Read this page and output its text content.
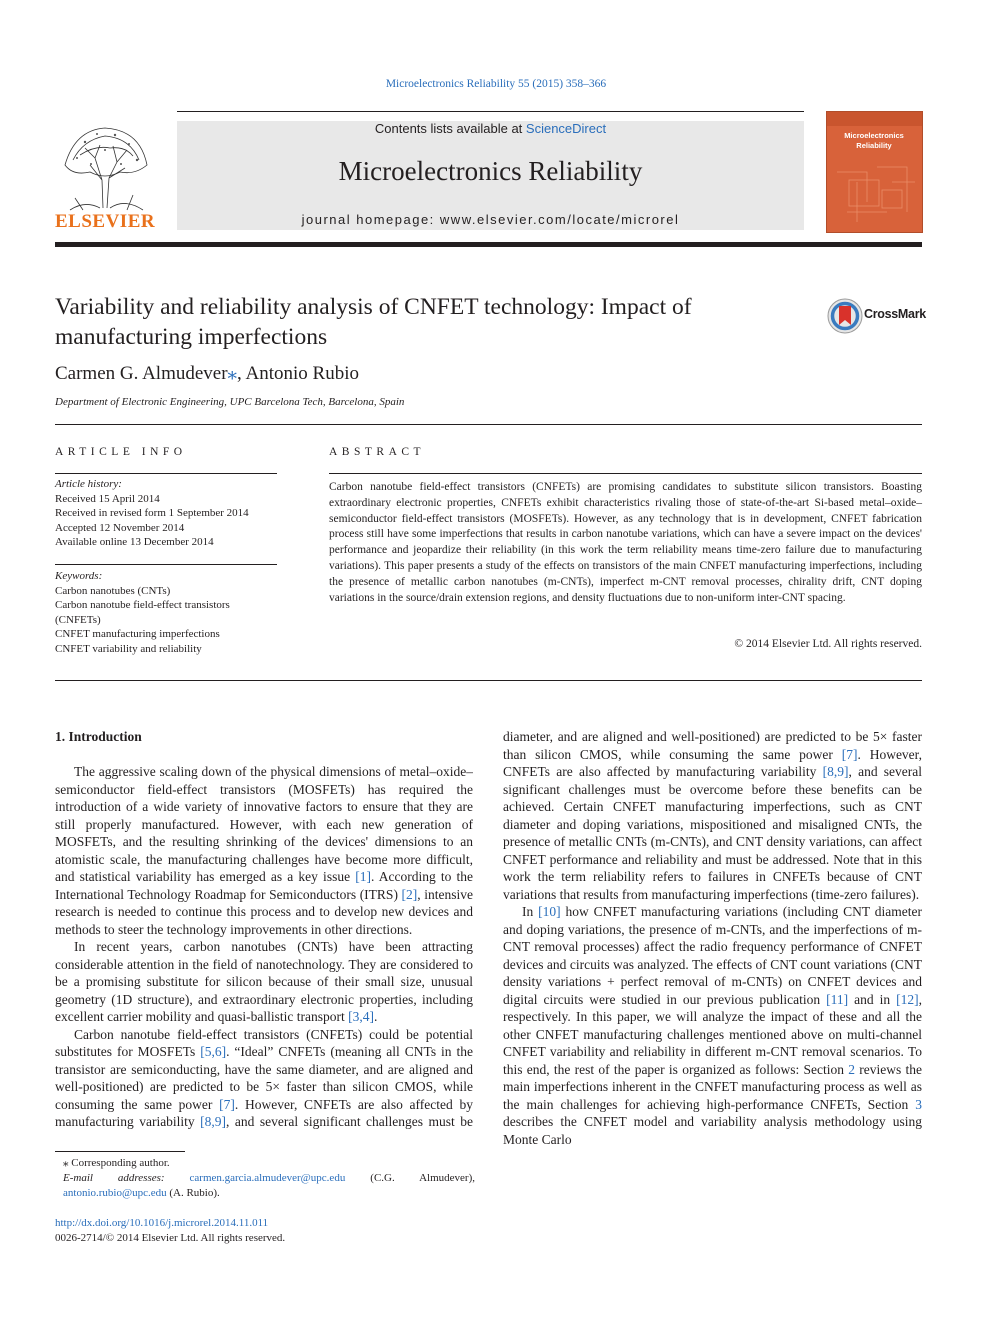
Microelectronics Reliability 55 (2015) 358–366
Contents lists available at ScienceDirect
Microelectronics Reliability
journal homepage: www.elsevier.com/locate/microrel
ELSEVIER
Microelectronics
Reliability
Variability and reliability analysis of CNFET technology: Impact of manufacturing imperfections
CrossMark
Carmen G. Almudever⁎, Antonio Rubio
Department of Electronic Engineering, UPC Barcelona Tech, Barcelona, Spain
ARTICLE INFO
Article history:
Received 15 April 2014
Received in revised form 1 September 2014
Accepted 12 November 2014
Available online 13 December 2014
Keywords:
Carbon nanotubes (CNTs)
Carbon nanotube field-effect transistors
(CNFETs)
CNFET manufacturing imperfections
CNFET variability and reliability
ABSTRACT
Carbon nanotube field-effect transistors (CNFETs) are promising candidates to substitute silicon transistors. Boasting extraordinary electronic properties, CNFETs exhibit characteristics rivaling those of state-of-the-art Si-based metal–oxide–semiconductor field-effect transistors (MOSFETs). However, as any technology that is in development, CNFET fabrication process still have some imperfections that results in carbon nanotube variations, which can have a severe impact on the devices' performance and jeopardize their reliability (in this work the term reliability means time-zero failure due to manufacturing variations). This paper presents a study of the effects on transistors of the main CNFET manufacturing imperfections, including the presence of metallic carbon nanotubes (m-CNTs), imperfect m-CNT removal processes, chirality drift, CNT doping variations in the source/drain extension regions, and density fluctuations due to non-uniform inter-CNT spacing.
© 2014 Elsevier Ltd. All rights reserved.
1. Introduction

The aggressive scaling down of the physical dimensions of metal–oxide–semiconductor field-effect transistors (MOSFETs) has required the introduction of a wide variety of innovative factors to ensure that they are still properly manufactured. However, with each new generation of MOSFETs, and the resulting shrinking of the devices' dimensions to an atomistic scale, the manufacturing challenges have become more difficult, and statistical variability has emerged as a key issue [1]. According to the International Technology Roadmap for Semiconductors (ITRS) [2], intensive research is needed to continue this process and to develop new devices and methods to steer the technology improvements in other directions.

In recent years, carbon nanotubes (CNTs) have been attracting considerable attention in the field of nanotechnology. They are considered to be a promising substitute for silicon because of their small size, unusual geometry (1D structure), and extraordinary electronic properties, including excellent carrier mobility and quasi-ballistic transport [3,4].

Carbon nanotube field-effect transistors (CNFETs) could be potential substitutes for MOSFETs [5,6]. “Ideal” CNFETs (meaning all CNTs in the transistor are semiconducting, have the same diameter, and are aligned and well-positioned) are predicted to be 5× faster than silicon CMOS, while consuming the same power [7]. However, CNFETs are also affected by manufacturing variability [8,9], and several significant challenges must be

diameter, and are aligned and well-positioned) are predicted to be 5× faster than silicon CMOS, while consuming the same power [7]. However, CNFETs are also affected by manufacturing variability [8,9], and several significant challenges must be overcome before these benefits can be achieved. Certain CNFET manufacturing imperfections, such as CNT diameter and doping variations, mispositioned and misaligned CNTs, the presence of metallic CNTs (m-CNTs), and CNT density variations, can affect CNFET performance and reliability and must be addressed. Note that in this work the term reliability refers to failures in CNFETs because of CNT variations that results from manufacturing imperfections (time-zero failures).

In [10] how CNFET manufacturing variations (including CNT diameter and doping variations, the presence of m-CNTs, and the imperfections of m-CNT removal processes) affect the radio frequency performance of CNFET devices and circuits was analyzed. The effects of CNT count variations (CNT density variations + perfect removal of m-CNTs) on CNFET devices and digital circuits were studied in our previous publication [11] and in [12], respectively. In this paper, we will analyze the impact of these and all the other CNFET manufacturing challenges mentioned above on multi-channel CNFET variability and reliability in different m-CNT removal scenarios. To this end, the rest of the paper is organized as follows: Section 2 reviews the main imperfections inherent in the CNFET manufacturing process as well as the main challenges for achieving high-performance CNFETs, Section 3 describes the CNFET model and variability analysis methodology using Monte Carlo

⁎ Corresponding author.
E-mail addresses: carmen.garcia.almudever@upc.edu (C.G. Almudever), antonio.rubio@upc.edu (A. Rubio).
http://dx.doi.org/10.1016/j.microrel.2014.11.011
0026-2714/© 2014 Elsevier Ltd. All rights reserved.
